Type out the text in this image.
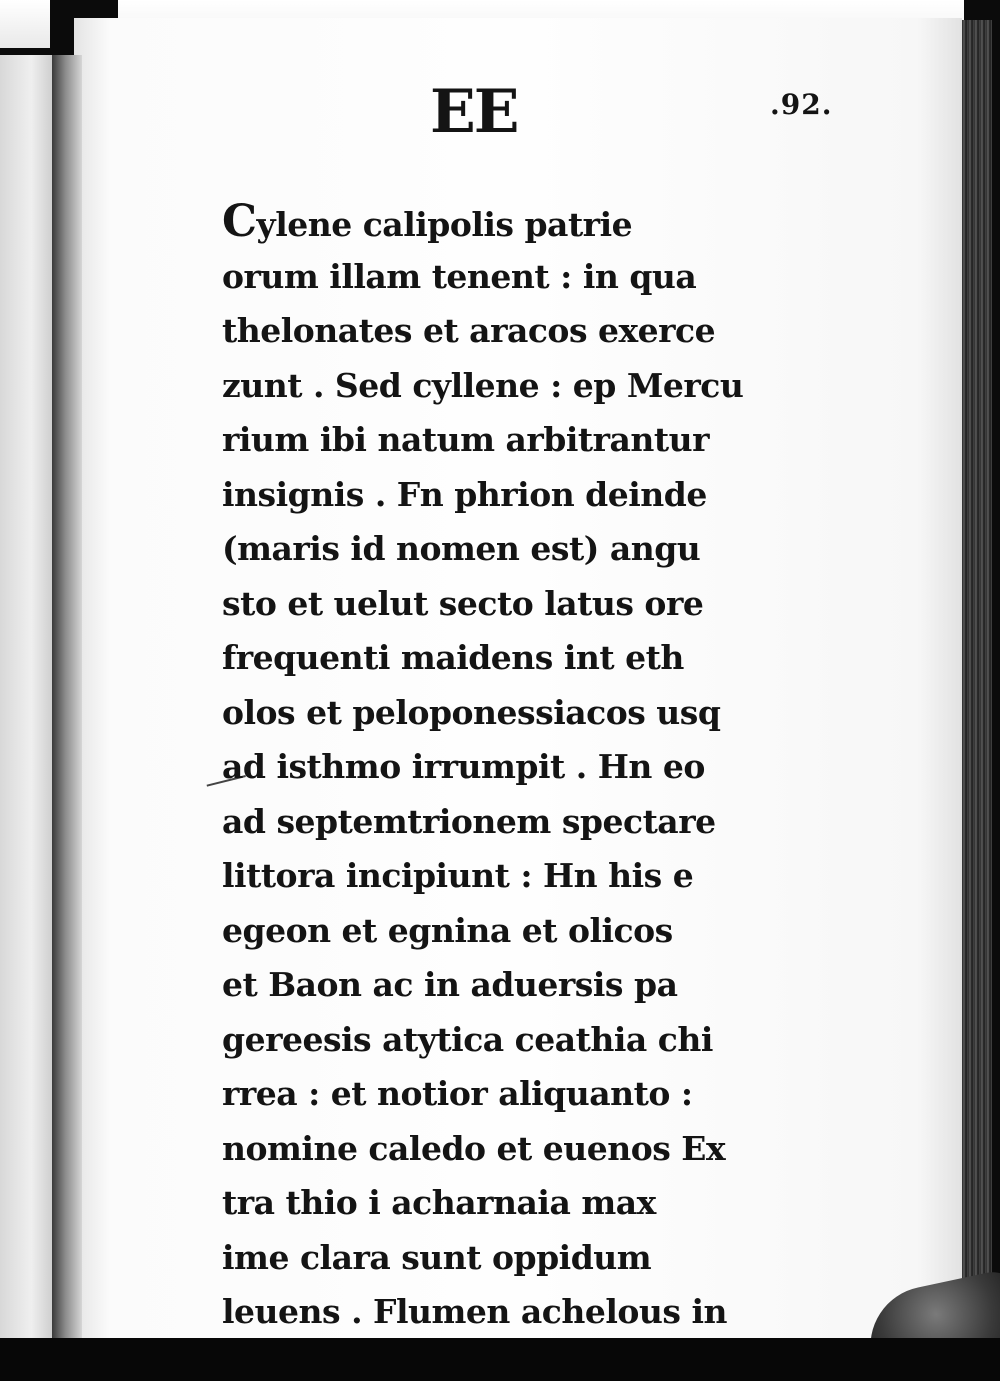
EE	.92.
Cylene calipolis patrie
orum illam tenent : in qua
thelonates et aracos exerce
zunt . Sed cyllene : ep Mercu
rium ibi natum arbitrantur
insignis . Fn phrion deinde
(maris id nomen est) angu
sto et uelut secto latus ore
frequenti maidens int eth
olos et peloponessiacos usq
ad isthmo irrumpit . Hn eo
ad septemtrionem spectare
littora incipiunt : Hn his e
egeon et egnina et olicos
et Baon ac in aduersis pa
gereesis atytica ceathia chi
rrea : et notior aliquanto :
nomine caledo et euenos Ex
tra thio i acharnaia max
ime clara sunt oppidum
leuens . Flumen achelous in
